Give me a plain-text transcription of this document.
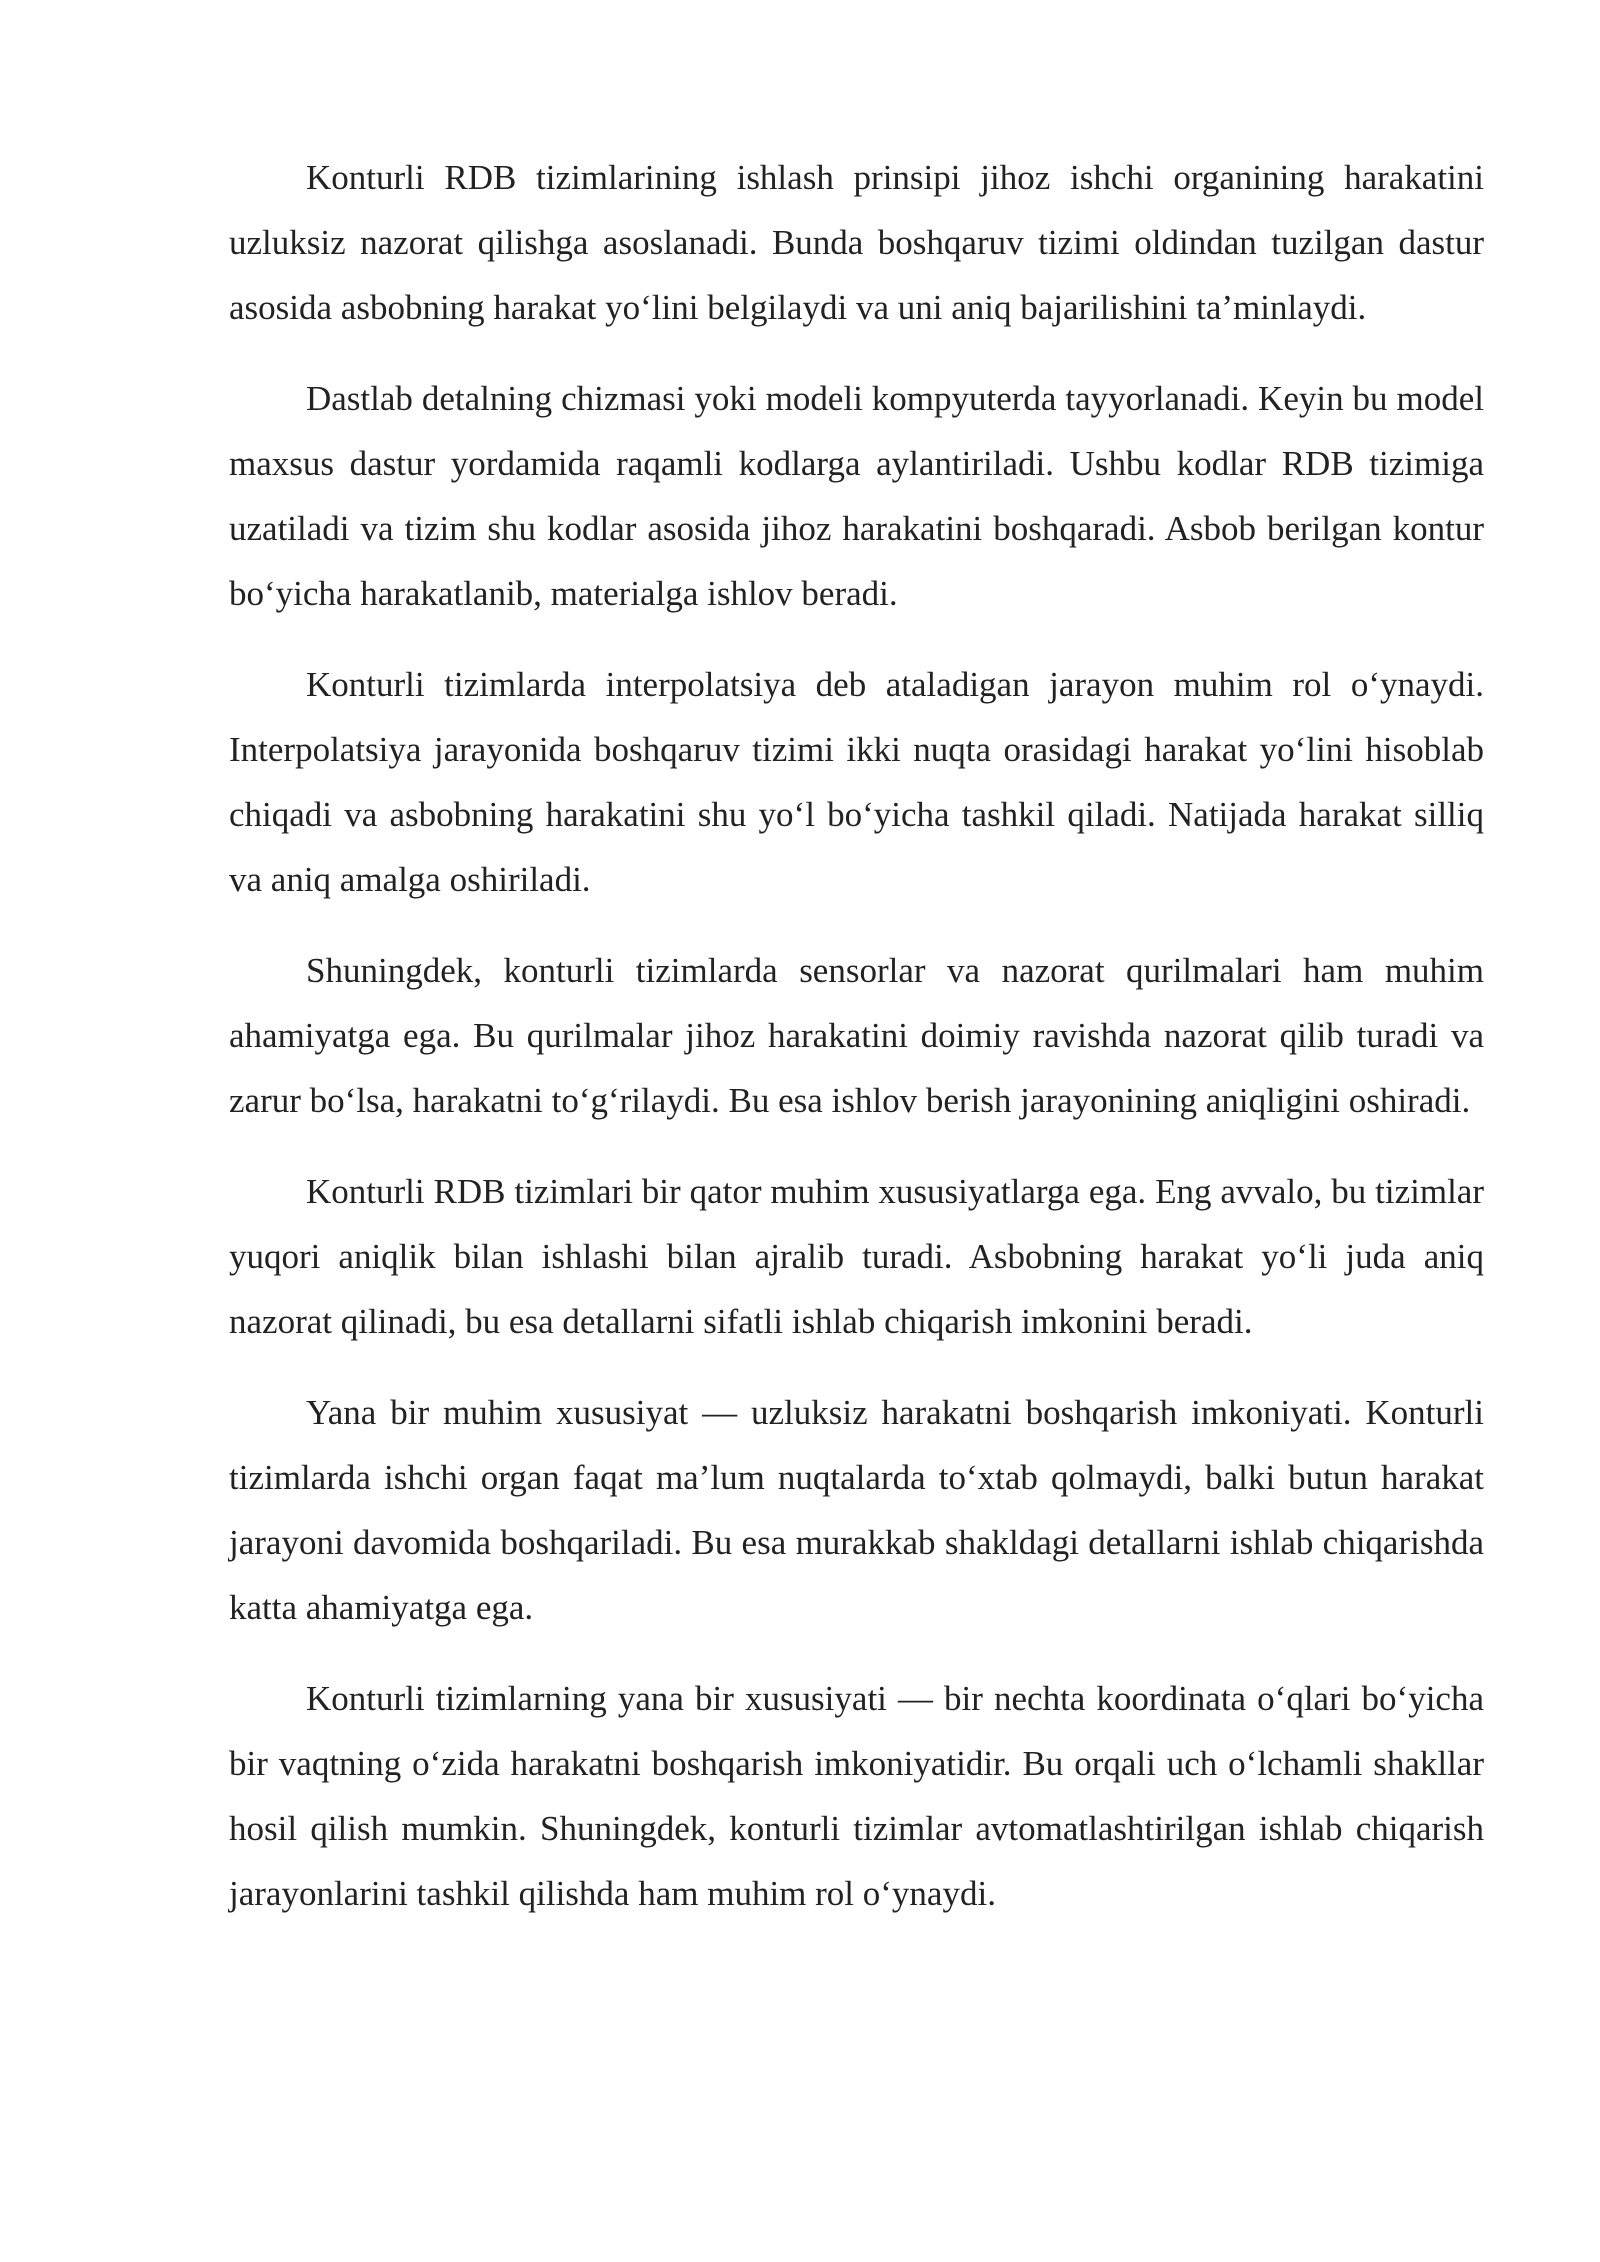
Konturli RDB tizimlarining ishlash prinsipi jihoz ishchi organining harakatini uzluksiz nazorat qilishga asoslanadi. Bunda boshqaruv tizimi oldindan tuzilgan dastur asosida asbobning harakat yo‘lini belgilaydi va uni aniq bajarilishini ta’minlaydi.

Dastlab detalning chizmasi yoki modeli kompyuterda tayyorlanadi. Keyin bu model maxsus dastur yordamida raqamli kodlarga aylantiriladi. Ushbu kodlar RDB tizimiga uzatiladi va tizim shu kodlar asosida jihoz harakatini boshqaradi. Asbob berilgan kontur bo‘yicha harakatlanib, materialga ishlov beradi.

Konturli tizimlarda interpolatsiya deb ataladigan jarayon muhim rol o‘ynaydi. Interpolatsiya jarayonida boshqaruv tizimi ikki nuqta orasidagi harakat yo‘lini hisoblab chiqadi va asbobning harakatini shu yo‘l bo‘yicha tashkil qiladi. Natijada harakat silliq va aniq amalga oshiriladi.

Shuningdek, konturli tizimlarda sensorlar va nazorat qurilmalari ham muhim ahamiyatga ega. Bu qurilmalar jihoz harakatini doimiy ravishda nazorat qilib turadi va zarur bo‘lsa, harakatni to‘g‘rilaydi. Bu esa ishlov berish jarayonining aniqligini oshiradi.

Konturli RDB tizimlari bir qator muhim xususiyatlarga ega. Eng avvalo, bu tizimlar yuqori aniqlik bilan ishlashi bilan ajralib turadi. Asbobning harakat yo‘li juda aniq nazorat qilinadi, bu esa detallarni sifatli ishlab chiqarish imkonini beradi.

Yana bir muhim xususiyat — uzluksiz harakatni boshqarish imkoniyati. Konturli tizimlarda ishchi organ faqat ma’lum nuqtalarda to‘xtab qolmaydi, balki butun harakat jarayoni davomida boshqariladi. Bu esa murakkab shakldagi detallarni ishlab chiqarishda katta ahamiyatga ega.

Konturli tizimlarning yana bir xususiyati — bir nechta koordinata o‘qlari bo‘yicha bir vaqtning o‘zida harakatni boshqarish imkoniyatidir. Bu orqali uch o‘lchamli shakllar hosil qilish mumkin. Shuningdek, konturli tizimlar avtomatlashtirilgan ishlab chiqarish jarayonlarini tashkil qilishda ham muhim rol o‘ynaydi.
